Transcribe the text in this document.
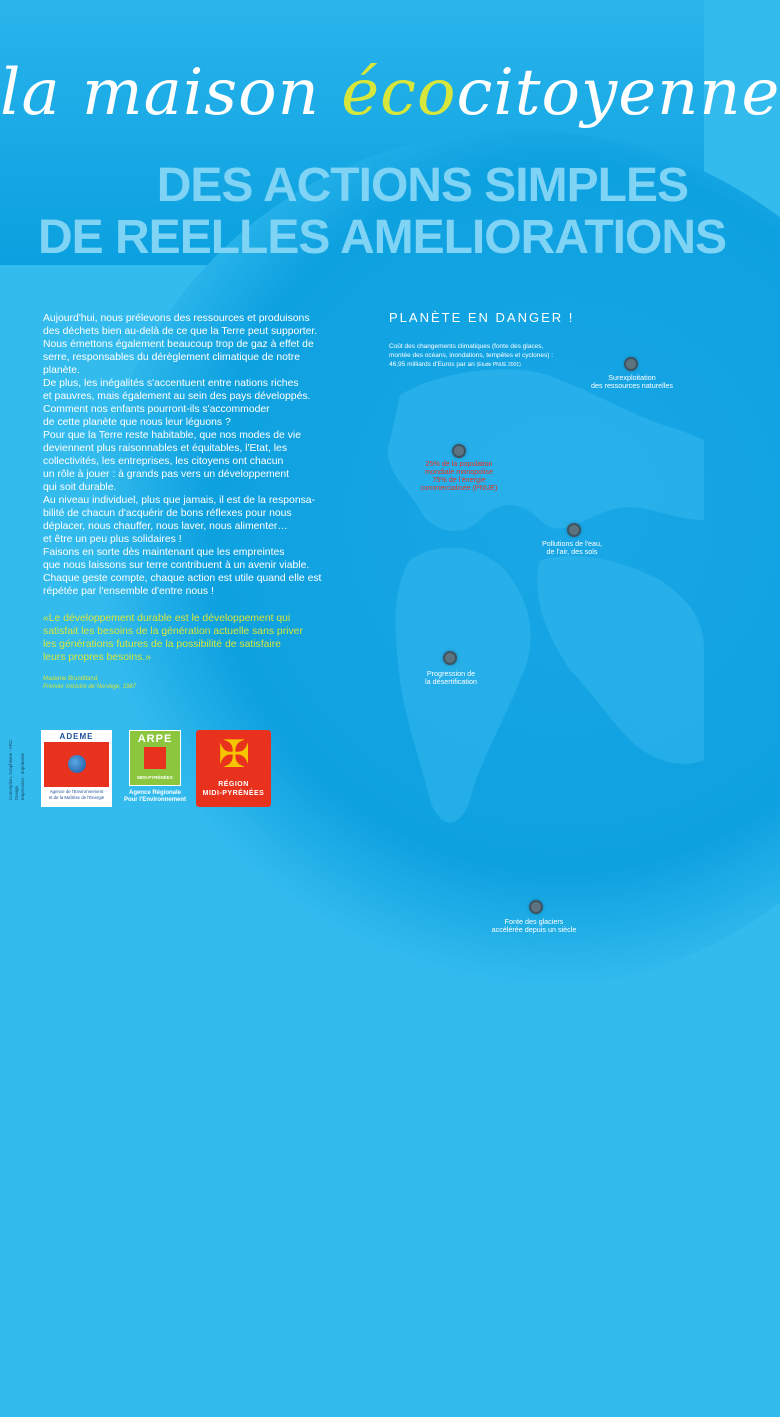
la maison écocitoyenne
DES ACTIONS SIMPLES
DE REELLES AMELIORATIONS

Aujourd'hui, nous prélevons des ressources et produisons
des déchets bien au-delà de ce que la Terre peut supporter.
Nous émettons également beaucoup trop de gaz à effet de
serre, responsables du dérèglement climatique de notre
planète.

De plus, les inégalités s'accentuent entre nations riches
et pauvres, mais également au sein des pays développés.
Comment nos enfants pourront-ils s'accommoder
de cette planète que nous leur léguons ?

Pour que la Terre reste habitable, que nos modes de vie
deviennent plus raisonnables et équitables, l'Etat, les
collectivités, les entreprises, les citoyens ont chacun
un rôle à jouer : à grands pas vers un développement
qui soit durable.

Au niveau individuel, plus que jamais, il est de la responsa-
bilité de chacun d'acquérir de bons réflexes pour nous
déplacer, nous chauffer, nous laver, nous alimenter…
et être un peu plus solidaires !

Faisons en sorte dès maintenant que les empreintes
que nous laissons sur terre contribuent à un avenir viable.
Chaque geste compte, chaque action est utile quand elle est
répétée par l'ensemble d'entre nous !

«Le développement durable est le développement qui
satisfait les besoins de la génération actuelle sans priver
les générations futures de la possibilité de satisfaire
leurs propres besoins.»
Madame Brundtland,
Premier ministre de Norvège, 1987
Conception, Graphisme : ARC Design
Impression : Imprimerie
ADEME
Agence de l'Environnement
et de la Maîtrise de l'Energie
ARPE
MIDI-PYRÉNÉES
Agence Régionale
Pour l'Environnement
✠
RÉGION
MIDI-PYRÉNÉES
PLANÈTE EN DANGER !
Coût des changements climatiques (fonte des glaces,
montée des océans, inondations, tempêtes et cyclones) :
46,95 milliards d'Euros par an (Etude PNUE 2001)
Surexploitation
des ressources naturelles
25% de la population
mondiale monopolise
75% de l'énergie
commercialisée (PNUE)
Pollutions de l'eau,
de l'air, des sols
Progression de
la désertification
Fonte des glaciers
accélérée depuis un siècle
